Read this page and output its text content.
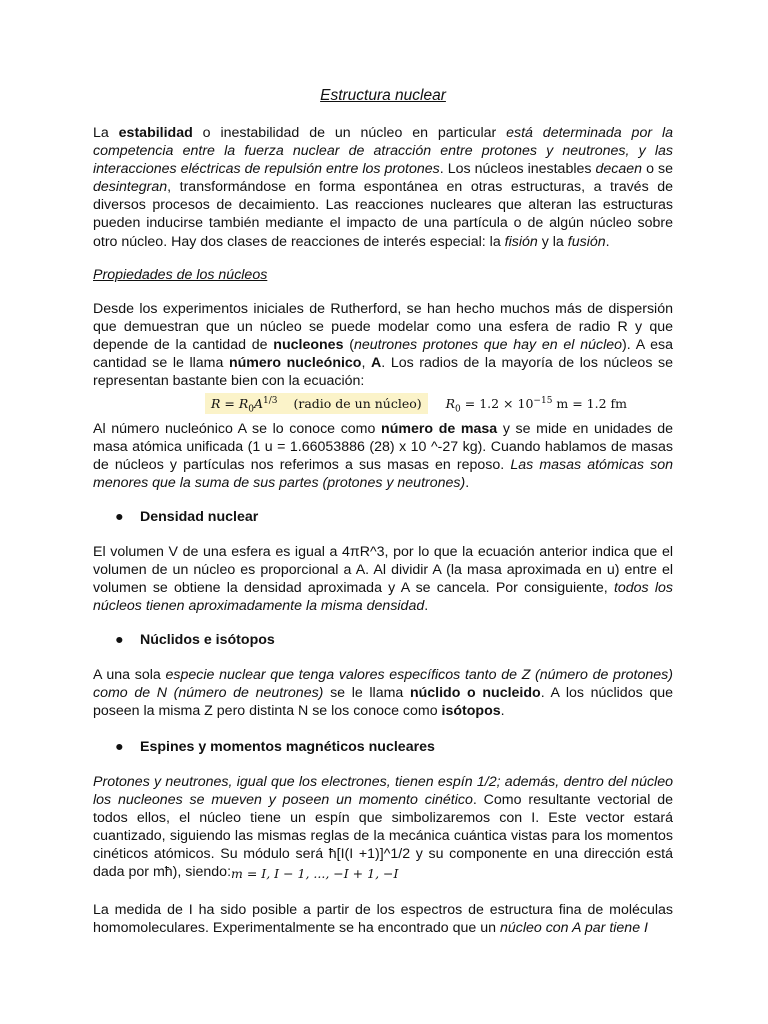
Estructura nuclear
La estabilidad o inestabilidad de un núcleo en particular está determinada por la competencia entre la fuerza nuclear de atracción entre protones y neutrones, y las interacciones eléctricas de repulsión entre los protones. Los núcleos inestables decaen o se desintegran, transformándose en forma espontánea en otras estructuras, a través de diversos procesos de decaimiento. Las reacciones nucleares que alteran las estructuras pueden inducirse también mediante el impacto de una partícula o de algún núcleo sobre otro núcleo. Hay dos clases de reacciones de interés especial: la fisión y la fusión.
Propiedades de los núcleos
Desde los experimentos iniciales de Rutherford, se han hecho muchos más de dispersión que demuestran que un núcleo se puede modelar como una esfera de radio R y que depende de la cantidad de nucleones (neutrones protones que hay en el núcleo). A esa cantidad se le llama número nucleónico, A. Los radios de la mayoría de los núcleos se representan bastante bien con la ecuación:
$R = R_0A^{1/3}$ (radio de un núcleo) $R_0 = 1.2 \times 10^{-15}$ m = 1.2 fm
Al número nucleónico A se lo conoce como número de masa y se mide en unidades de masa atómica unificada (1 u = 1.66053886 (28) x 10 ^-27 kg). Cuando hablamos de masas de núcleos y partículas nos referimos a sus masas en reposo. Las masas atómicas son menores que la suma de sus partes (protones y neutrones).
● Densidad nuclear
El volumen V de una esfera es igual a 4πR^3, por lo que la ecuación anterior indica que el volumen de un núcleo es proporcional a A. Al dividir A (la masa aproximada en u) entre el volumen se obtiene la densidad aproximada y A se cancela. Por consiguiente, todos los núcleos tienen aproximadamente la misma densidad.
● Núclidos e isótopos
A una sola especie nuclear que tenga valores específicos tanto de Z (número de protones) como de N (número de neutrones) se le llama núclido o nucleido. A los núclidos que poseen la misma Z pero distinta N se los conoce como isótopos.
● Espines y momentos magnéticos nucleares
Protones y neutrones, igual que los electrones, tienen espín 1/2; además, dentro del núcleo los nucleones se mueven y poseen un momento cinético. Como resultante vectorial de todos ellos, el núcleo tiene un espín que simbolizaremos con I. Este vector estará cuantizado, siguiendo las mismas reglas de la mecánica cuántica vistas para los momentos cinéticos atómicos. Su módulo será ħ[I(I +1)]^1/2 y su componente en una dirección está dada por mħ), siendo: m = I, I − 1, ..., −I + 1, −I
La medida de I ha sido posible a partir de los espectros de estructura fina de moléculas homomoleculares. Experimentalmente se ha encontrado que un núcleo con A par tiene I
